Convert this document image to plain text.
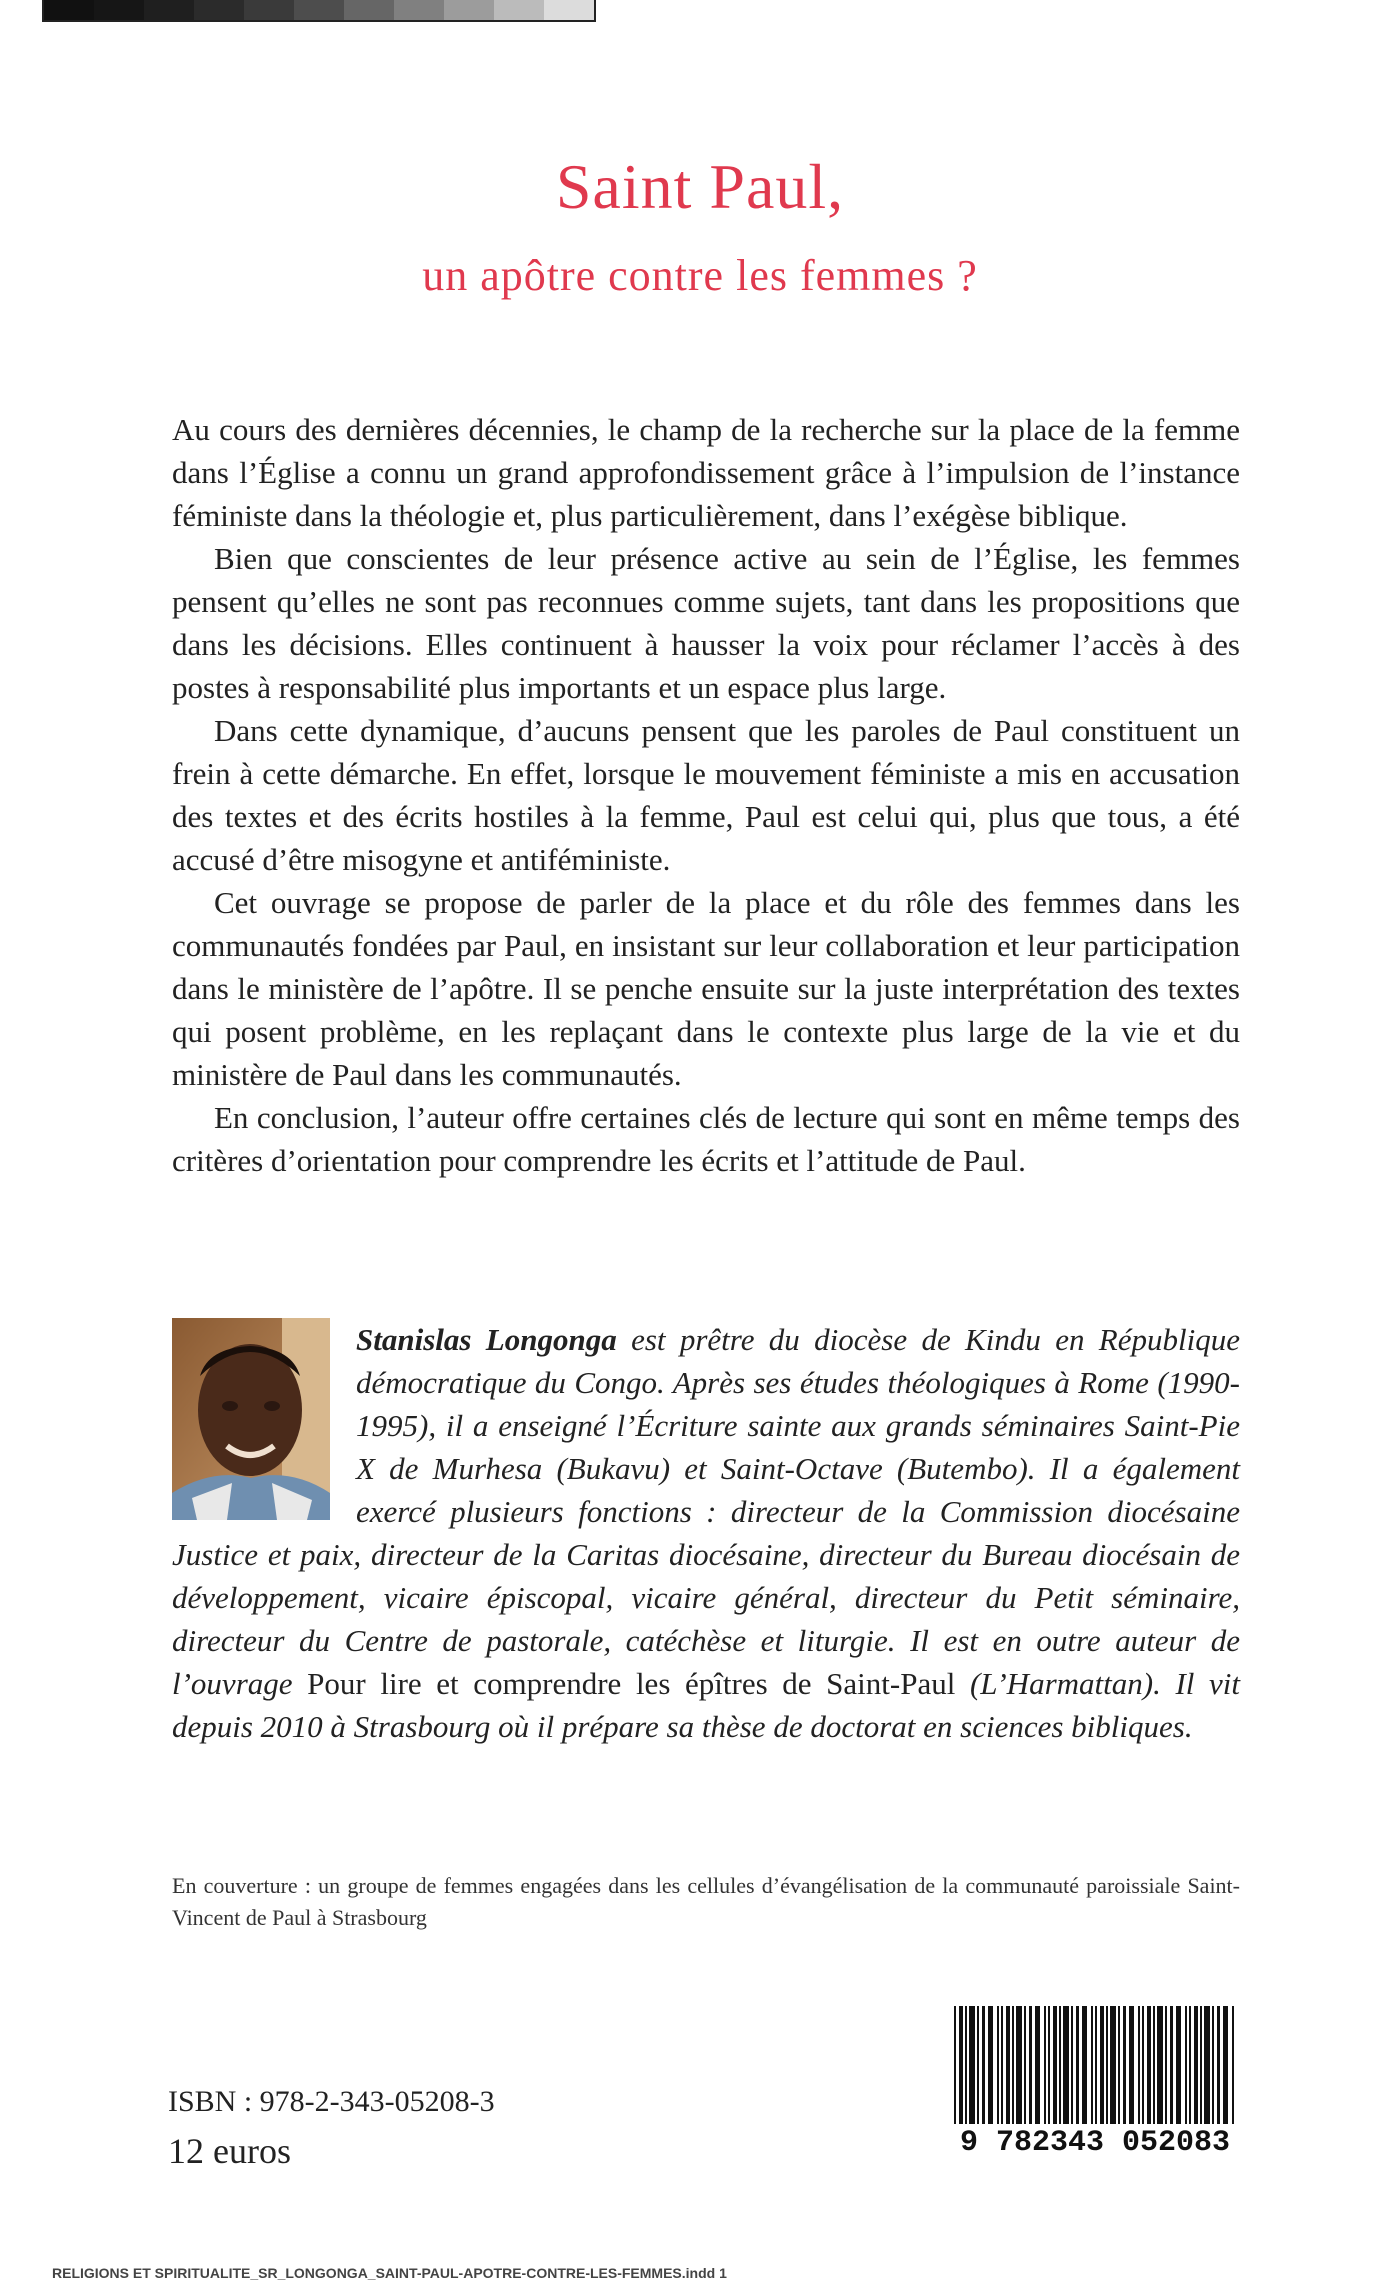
Saint Paul,
un apôtre contre les femmes ?

Au cours des dernières décennies, le champ de la recherche sur la place de la femme dans l’Église a connu un grand approfondissement grâce à l’impulsion de l’instance féministe dans la théologie et, plus particulièrement, dans l’exégèse biblique.

Bien que conscientes de leur présence active au sein de l’Église, les femmes pensent qu’elles ne sont pas reconnues comme sujets, tant dans les propositions que dans les décisions. Elles continuent à hausser la voix pour réclamer l’accès à des postes à responsabilité plus importants et un espace plus large.

Dans cette dynamique, d’aucuns pensent que les paroles de Paul constituent un frein à cette démarche. En effet, lorsque le mouvement féministe a mis en accusation des textes et des écrits hostiles à la femme, Paul est celui qui, plus que tous, a été accusé d’être misogyne et antiféministe.

Cet ouvrage se propose de parler de la place et du rôle des femmes dans les communautés fondées par Paul, en insistant sur leur collaboration et leur participation dans le ministère de l’apôtre. Il se penche ensuite sur la juste interprétation des textes qui posent problème, en les replaçant dans le contexte plus large de la vie et du ministère de Paul dans les communautés.

En conclusion, l’auteur offre certaines clés de lecture qui sont en même temps des critères d’orientation pour comprendre les écrits et l’attitude de Paul.

Stanislas Longonga est prêtre du diocèse de Kindu en République démocratique du Congo. Après ses études théologiques à Rome (1990-1995), il a enseigné l’Écriture sainte aux grands séminaires Saint-Pie X de Murhesa (Bukavu) et Saint-Octave (Butembo). Il a également exercé plusieurs fonctions : directeur de la Commission diocésaine Justice et paix, directeur de la Caritas diocésaine, directeur du Bureau diocésain de développement, vicaire épiscopal, vicaire général, directeur du Petit séminaire, directeur du Centre de pastorale, catéchèse et liturgie. Il est en outre auteur de l’ouvrage Pour lire et comprendre les épîtres de Saint-Paul (L’Harmattan). Il vit depuis 2010 à Strasbourg où il prépare sa thèse de doctorat en sciences bibliques.
En couverture : un groupe de femmes engagées dans les cellules d’évangélisation de la communauté paroissiale Saint-Vincent de Paul à Strasbourg
ISBN : 978-2-343-05208-3
12 euros	9 782343 052083
RELIGIONS ET SPIRITUALITE_SR_LONGONGA_SAINT-PAUL-APOTRE-CONTRE-LES-FEMMES.indd 1
